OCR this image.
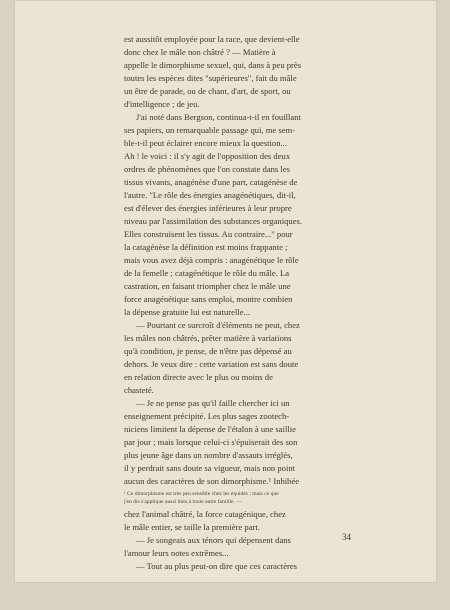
est aussitôt employée pour la race, que devient-elle

donc chez le mâle non châtré ? — Matière à

appelle le dimorphisme sexuel, qui, dans à peu près

toutes les espèces dites "supérieures", fait du mâle

un être de parade, ou de chant, d'art, de sport, ou

d'intelligence ; de jeu.

J'ai noté dans Bergson, continua-t-il en fouillant

ses papiers, un remarquable passage qui, me sem-

ble-t-il peut éclairer encore mieux la question...

Ah ! le voici : il s'y agit de l'opposition des deux

ordres de phénomènes que l'on constate dans les

tissus vivants, anagénèse d'une part, catagénèse de

l'autre. "Le rôle des énergies anagénétiques, dit-il,

est d'élever des énergies inférieures à leur propre

niveau par l'assimilation des substances organiques.

Elles construisent les tissus. Au contraire..." pour

la catagénèse la définition est moins frappante ;

mais vous avez déjà compris : anagénétique le rôle

de la femelle ; catagénétique le rôle du mâle. La

castration, en faisant triompher chez le mâle une

force anagénétique sans emploi, montre combien

la dépense gratuite lui est naturelle...

— Pourtant ce surcroît d'éléments ne peut, chez

les mâles non châtrés, prêter matière à variations

qu'à condition, je pense, de n'être pas dépensé au

dehors. Je veux dire : cette variation est sans doute

en relation directe avec le plus ou moins de

chasteté.

— Je ne pense pas qu'il faille chercher ici un

enseignement précipité. Les plus sages zootech-

niciens limitent la dépense de l'étalon à une saillie

par jour ; mais lorsque celui-ci s'épuiserait des son

plus jeune âge dans un nombre d'assauts irréglés,

il y perdrait sans doute sa vigueur, mais non point

aucun des caractères de son dimorphisme.¹ Inhibée

¹ Ce dimorphisme est très peu sensible chez les équidés ; mais ce que

j'en dis s'applique aussi bien à toute autre famille. —

chez l'animal châtré, la force catagénique, chez

le mâle entier, se taille la première part.

— Je songeais aux ténors qui dépensent dans

l'amour leurs notes extrêmes...

— Tout au plus peut-on dire que ces caractères

34
